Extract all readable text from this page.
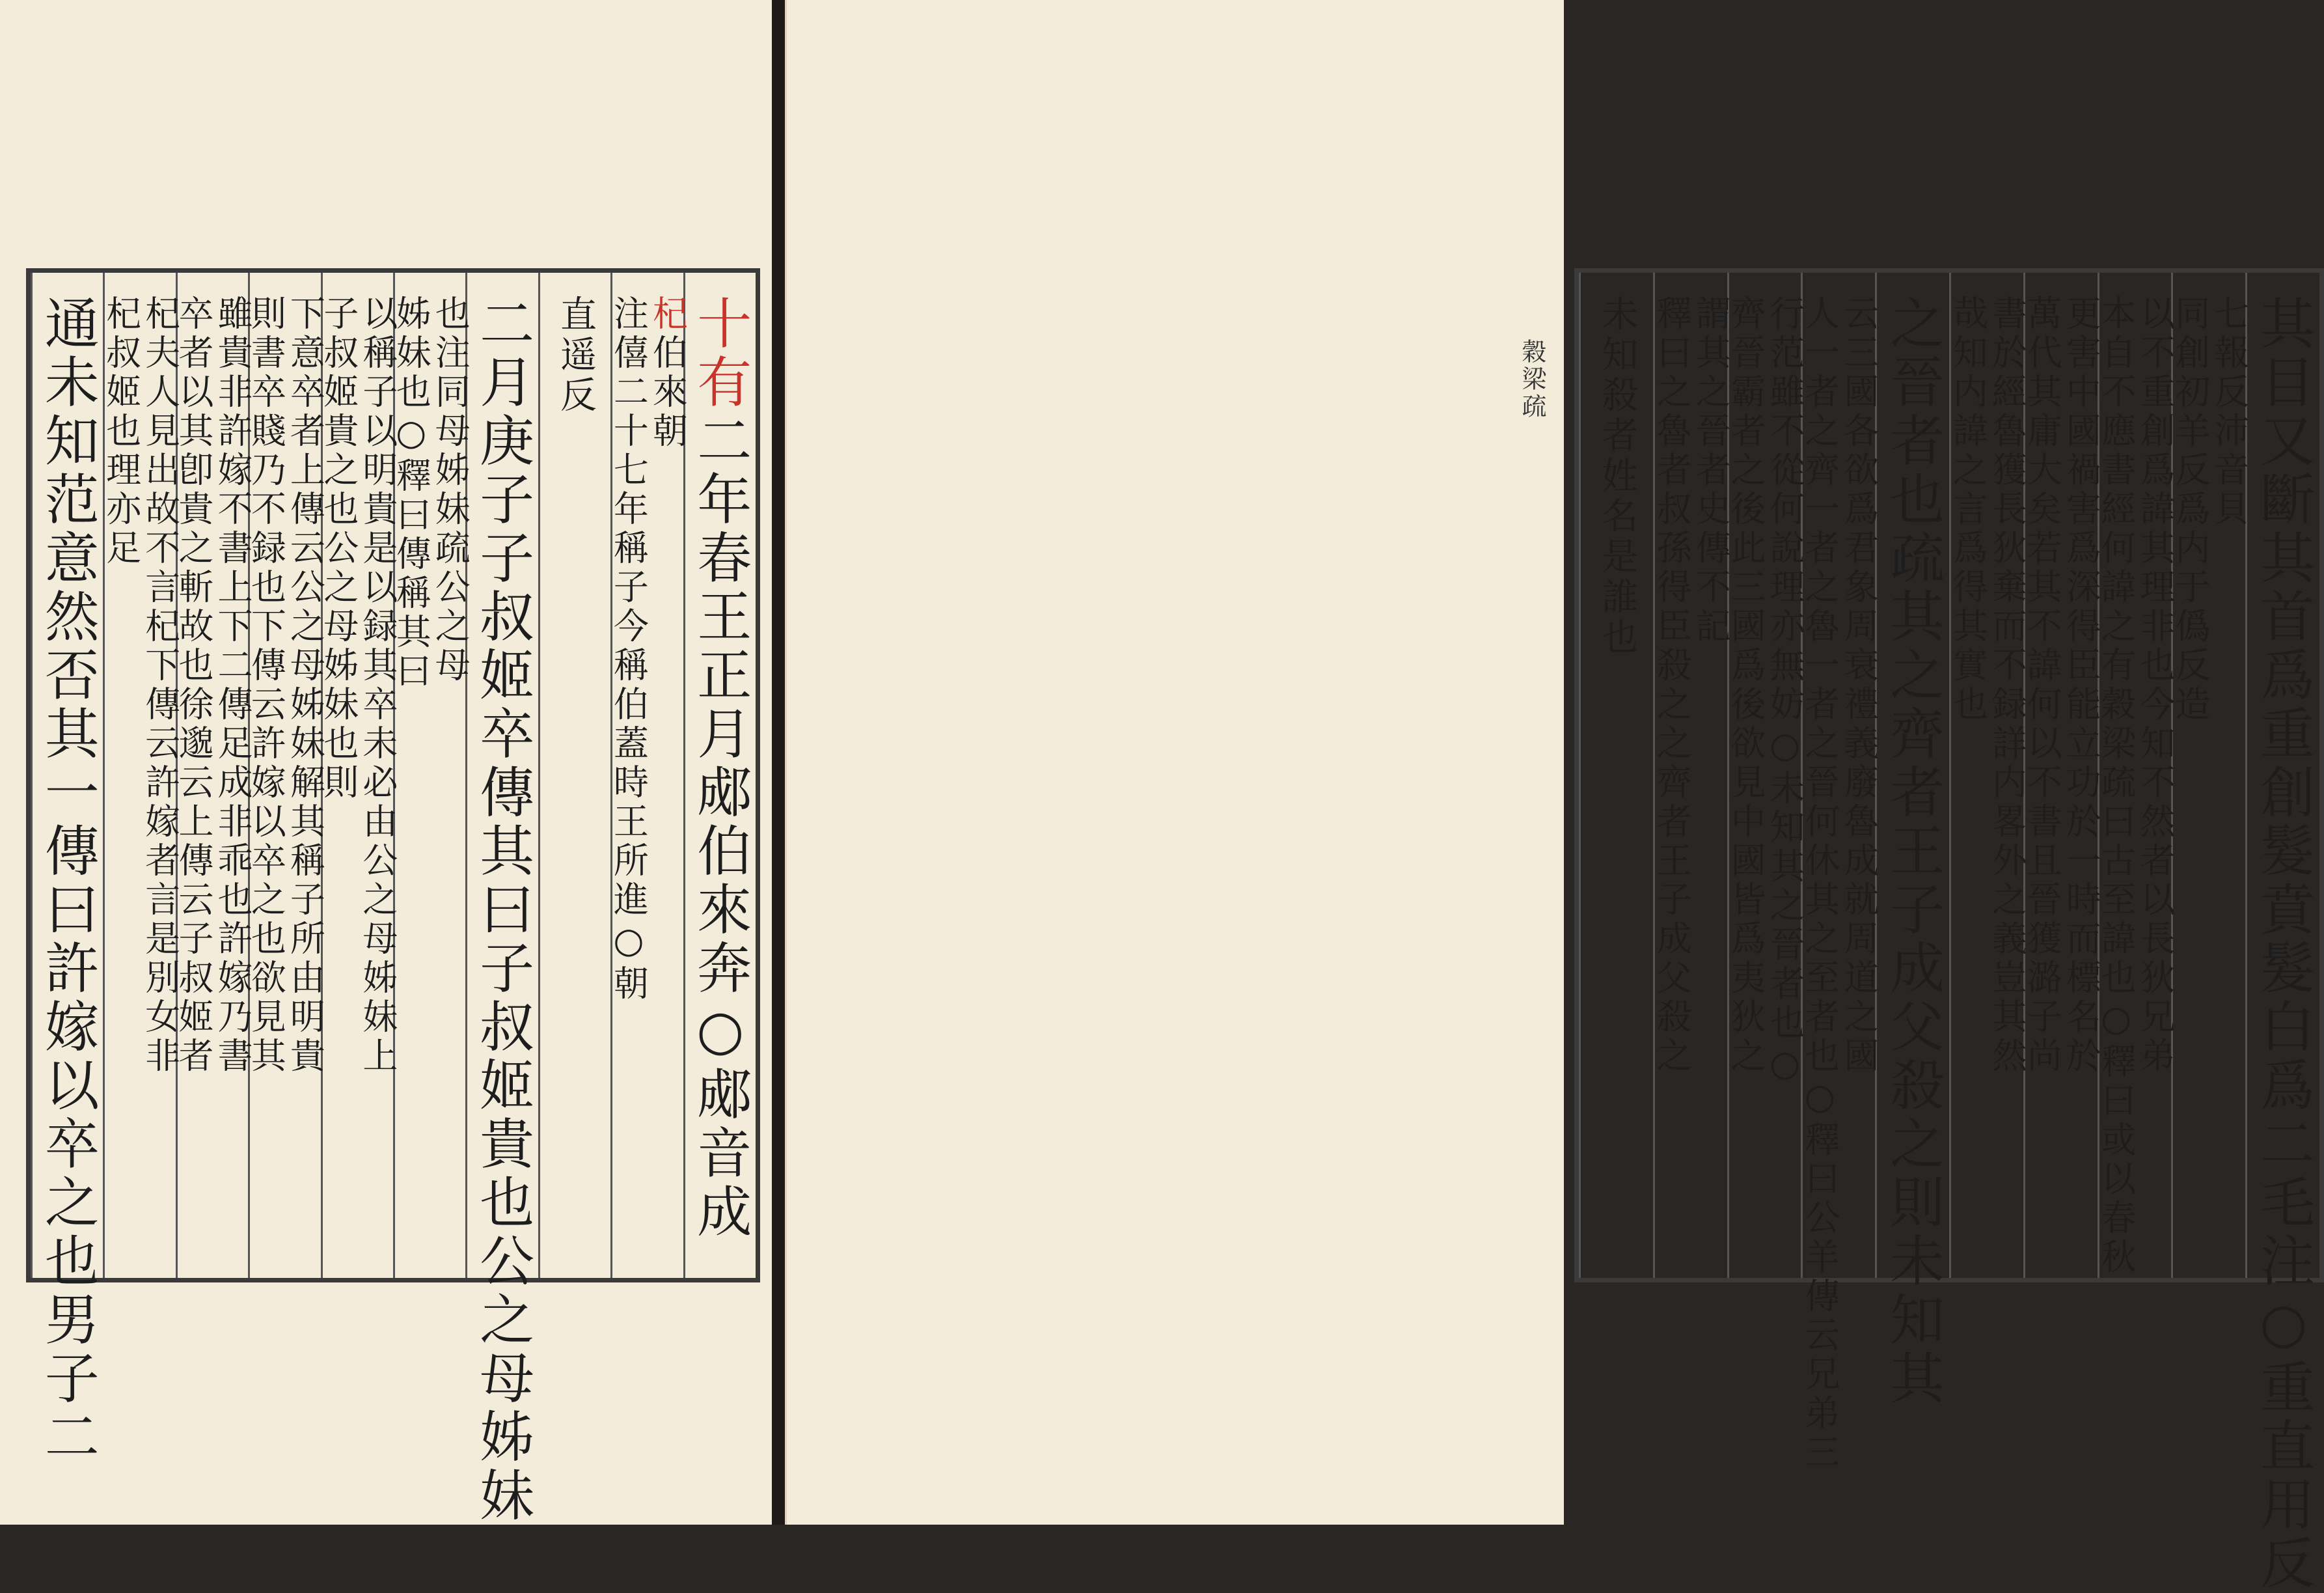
十有二年春王正月郕伯來奔○郕音成
杞伯來朝
注僖二十七年稱子今稱伯蓋時王所進○朝
直遥反
二月庚子子叔姬卒傳其曰子叔姬貴也公之母姊妹
也注同母姊妹疏公之母
姊妹也○釋曰傳稱其曰
以稱子以明貴是以録其卒未必由公之母姊妹上
子叔姬貴之也公之母姊妹也則
下意卒者上傳云公之母姊妹解其稱子所由明貴
則書卒賤乃不録也下傳云許嫁以卒之也欲見其
雖貴非許嫁不書上下二傳足成非乖也許嫁乃書
卒者以其卽貴之斬故也徐邈云上傳云子叔姬者
杞夫人見出故不言杞下傳云許嫁者言是別女非
杞叔姬也理亦足
通未知范意然否其一傳曰許嫁以卒之也男子二	穀梁疏	其目又斷其首爲重創髮賁髮白爲二毛注○重直用反
七報反沛音貝
同創初羊反爲内于僞反造
以不重創爲諱其理非也今知不然者以長狄兄弟
本自不應書經何諱之有穀梁疏曰古至諱也○釋曰或以春秋
更害中國禍害爲深得臣能立功於一時而標名於
萬代其庸大矣若其不諱何以不書且晉獲潞子尚
書於經魯獲長狄棄而不録詳内畧外之義豈其然
哉知内諱之言爲得其實也
之晉者也疏其之齊者王子成父殺之則未知其
云三國各欲爲君象周衰禮義廢魯成就周道之國
人一者之齊一者之魯一者之晉何休其之至者也○釋曰公羊傳云兄弟三
行范雖不從何說理亦無妨○未知其之晉者也○
齊晉霸者之後此三國爲後欲見中國皆爲夷狄之
謂其之晉者史傳不記
釋曰之魯者叔孫得臣殺之之齊者王子成父殺之
未知殺者姓名是誰也
